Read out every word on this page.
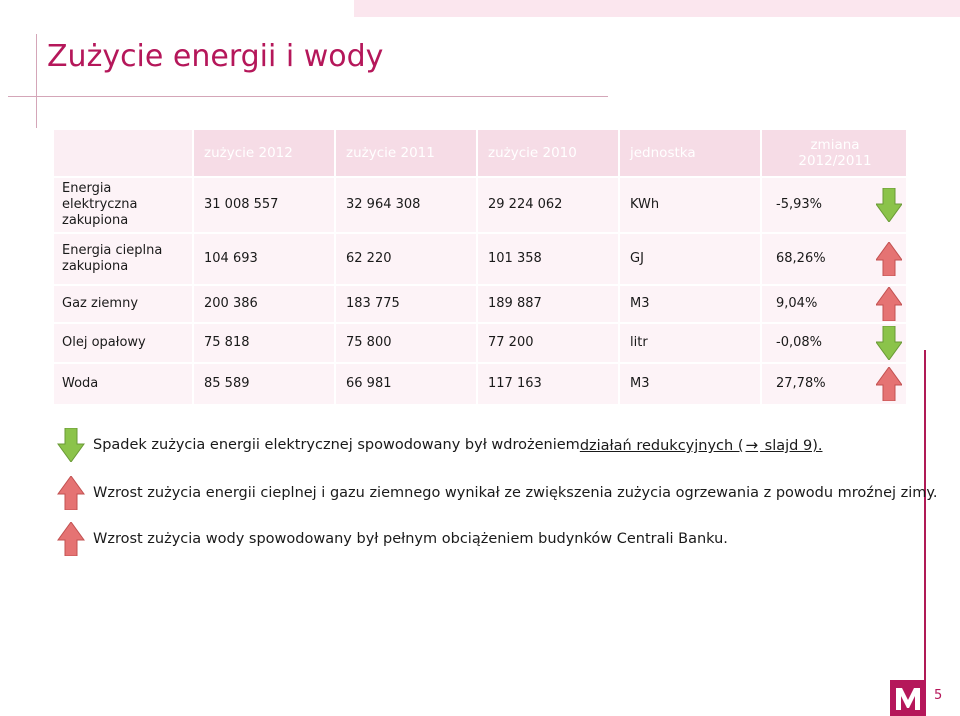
Zużycie energii i wody
	zużycie 2012	zużycie 2011	zużycie 2010	jednostka	zmiana 2012/2011
Energia elektryczna zakupiona	31 008 557	32 964 308	29 224 062	KWh	-5,93%

Energia cieplna zakupiona	104 693	62 220	101 358	GJ	68,26%

Gaz ziemny	200 386	183 775	189 887	M3	9,04%

Olej opałowy	75 818	75 800	77 200	litr	-0,08%

Woda	85 589	66 981	117 163	M3	27,78%
Spadek zużycia energii elektrycznej spowodowany był wdrożeniem działań redukcyjnych ( → slajd 9).
Wzrost zużycia energii cieplnej i gazu ziemnego wynikał ze zwiększenia zużycia ogrzewania z powodu mroźnej zimy.
Wzrost zużycia wody spowodowany był pełnym obciążeniem budynków Centrali Banku.
5
